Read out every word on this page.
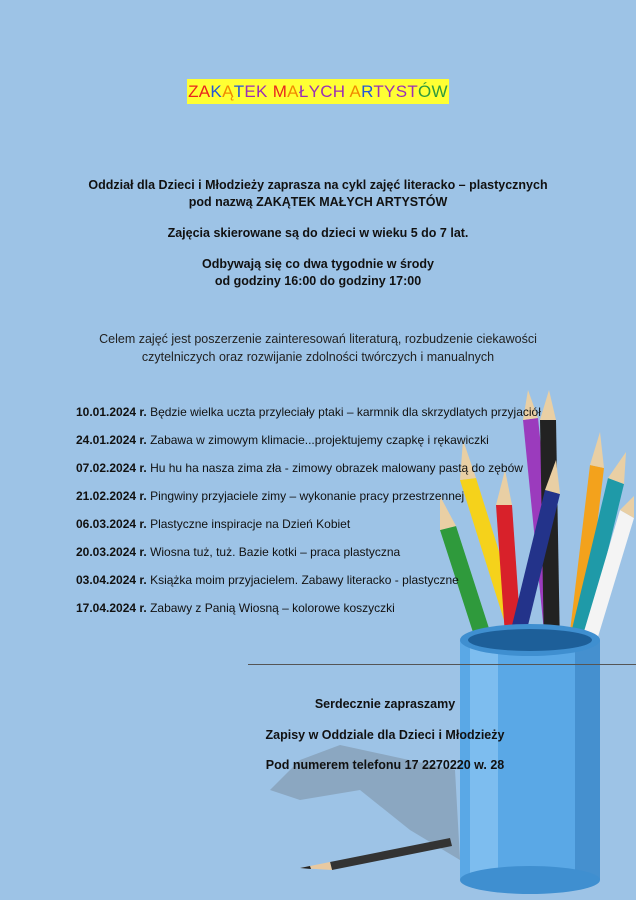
ZAKĄTEK MAŁYCH ARTYSTÓW
Oddział dla Dzieci i Młodzieży zaprasza na cykl zajęć literacko – plastycznych
pod nazwą ZAKĄTEK MAŁYCH ARTYSTÓW
Zajęcia skierowane są do dzieci w wieku 5 do 7 lat.
Odbywają się co dwa tygodnie w środy
od godziny 16:00 do godziny 17:00
Celem zajęć jest poszerzenie zainteresowań literaturą, rozbudzenie ciekawości
czytelniczych oraz rozwijanie zdolności twórczych i manualnych
10.01.2024 r. Będzie wielka uczta przyleciały ptaki – karmnik dla skrzydlatych przyjaciół
24.01.2024 r. Zabawa w zimowym klimacie...projektujemy czapkę i rękawiczki
07.02.2024 r. Hu hu ha nasza zima zła - zimowy obrazek malowany pastą do zębów
21.02.2024 r. Pingwiny przyjaciele zimy – wykonanie pracy przestrzennej
06.03.2024 r. Plastyczne inspiracje na Dzień Kobiet
20.03.2024 r. Wiosna tuż, tuż. Bazie kotki – praca plastyczna
03.04.2024 r. Książka moim przyjacielem. Zabawy literacko - plastyczne
17.04.2024 r. Zabawy z Panią Wiosną – kolorowe koszyczki
Serdecznie zapraszamy
Zapisy w Oddziale dla Dzieci i Młodzieży
Pod numerem telefonu 17 2270220 w. 28
